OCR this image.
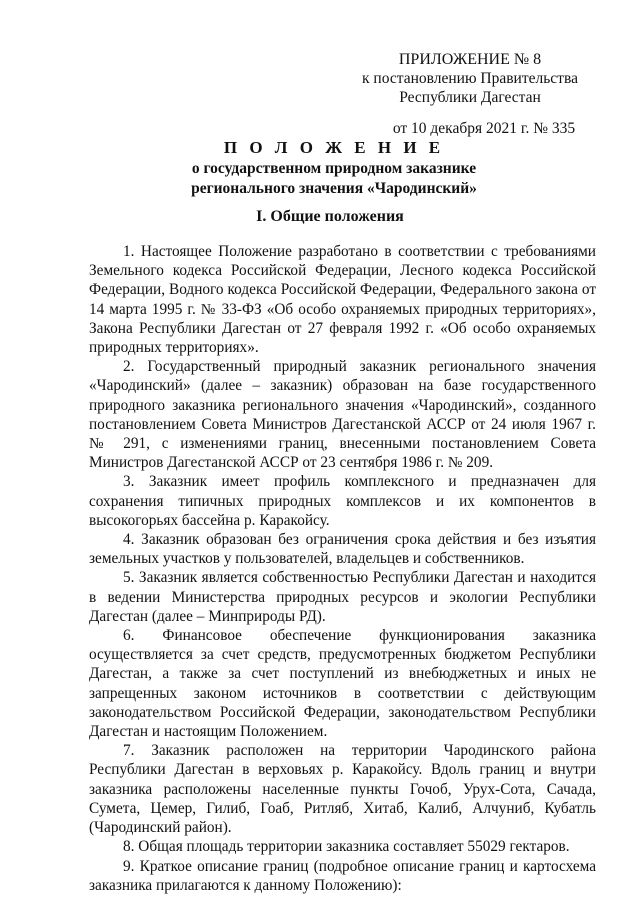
ПРИЛОЖЕНИЕ № 8
к постановлению Правительства
Республики Дагестан
от 10 декабря 2021 г. № 335
П О Л О Ж Е Н И Е
о государственном природном заказнике
регионального значения «Чародинский»
I. Общие положения

1. Настоящее Положение разработано в соответствии с требованиями Земельного кодекса Российской Федерации, Лесного кодекса Российской Федерации, Водного кодекса Российской Федерации, Федерального закона от 14 марта 1995 г. № 33-ФЗ «Об особо охраняемых природных территориях», Закона Республики Дагестан от 27 февраля 1992 г. «Об особо охраняемых природных территориях».

2. Государственный природный заказник регионального значения «Чародинский» (далее – заказник) образован на базе государственного природного заказника регионального значения «Чародинский», созданного постановлением Совета Министров Дагестанской АССР от 24 июля 1967 г. № 291, с изменениями границ, внесенными постановлением Совета Министров Дагестанской АССР от 23 сентября 1986 г. № 209.

3. Заказник имеет профиль комплексного и предназначен для сохранения типичных природных комплексов и их компонентов в высокогорьях бассейна р. Каракойсу.

4. Заказник образован без ограничения срока действия и без изъятия земельных участков у пользователей, владельцев и собственников.

5. Заказник является собственностью Республики Дагестан и находится в ведении Министерства природных ресурсов и экологии Республики Дагестан (далее – Минприроды РД).

6. Финансовое обеспечение функционирования заказника осуществляется за счет средств, предусмотренных бюджетом Республики Дагестан, а также за счет поступлений из внебюджетных и иных не запрещенных законом источников в соответствии с действующим законодательством Российской Федерации, законодательством Республики Дагестан и настоящим Положением.

7. Заказник расположен на территории Чародинского района Республики Дагестан в верховьях р. Каракойсу. Вдоль границ и внутри заказника расположены населенные пункты Гочоб, Урух-Сота, Сачада, Сумета, Цемер, Гилиб, Гоаб, Ритляб, Хитаб, Калиб, Алчуниб, Кубатль (Чародинский район).

8. Общая площадь территории заказника составляет 55029 гектаров.

9. Краткое описание границ (подробное описание границ и картосхема заказника прилагаются к данному Положению):
